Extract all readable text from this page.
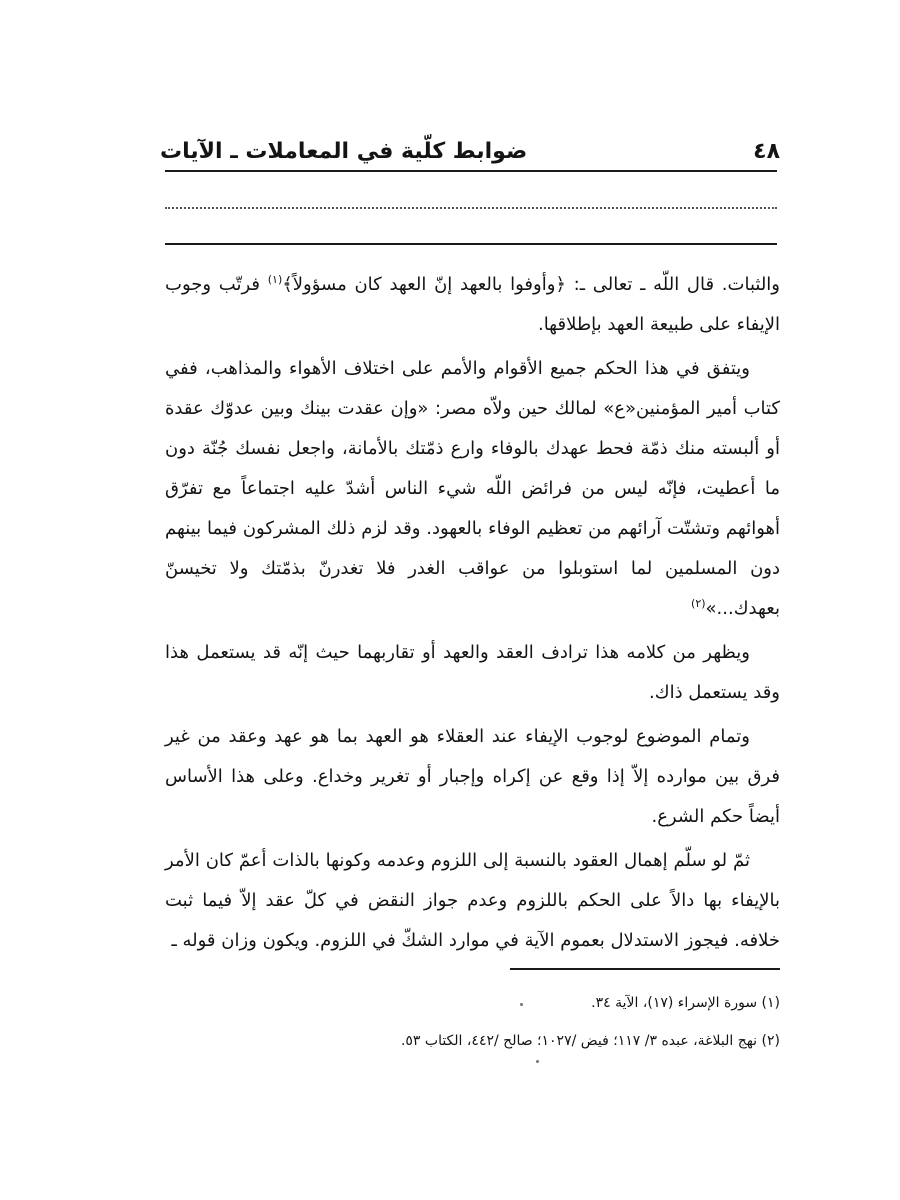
ضوابط كلّية في المعاملات ـ الآيات	٤٨

والثبات. قال اللّه ـ تعالى ـ: ﴿وأوفوا بالعهد إنّ العهد كان مسؤولاً﴾$^{(١)}$ فرتّب وجوب الإيفاء على طبيعة العهد بإطلاقها.

ويتفق في هذا الحكم جميع الأقوام والأمم على اختلاف الأهواء والمذاهب، ففي كتاب أمير المؤمنين«ع» لمالك حين ولاّه مصر: «وإن عقدت بينك وبين عدوّك عقدة أو ألبسته منك ذمّة فحط عهدك بالوفاء وارع ذمّتك بالأمانة، واجعل نفسك جُنّة دون ما أعطيت، فإنّه ليس من فرائض اللّه شيء الناس أشدّ عليه اجتماعاً مع تفرّق أهوائهم وتشتّت آرائهم من تعظيم الوفاء بالعهود. وقد لزم ذلك المشركون فيما بينهم دون المسلمين لما استوبلوا من عواقب الغدر فلا تغدرنّ بذمّتك ولا تخيسنّ بعهدك...»$^{(٢)}$

ويظهر من كلامه هذا ترادف العقد والعهد أو تقاربهما حيث إنّه قد يستعمل هذا وقد يستعمل ذاك.

وتمام الموضوع لوجوب الإيفاء عند العقلاء هو العهد بما هو عهد وعقد من غير فرق بين موارده إلاّ إذا وقع عن إكراه وإجبار أو تغرير وخداع. وعلى هذا الأساس أيضاً حكم الشرع.

ثمّ لو سلّم إهمال العقود بالنسبة إلى اللزوم وعدمه وكونها بالذات أعمّ كان الأمر بالإيفاء بها دالاً على الحكم باللزوم وعدم جواز النقض في كلّ عقد إلاّ فيما ثبت خلافه. فيجوز الاستدلال بعموم الآية في موارد الشكّ في اللزوم. ويكون وزان قوله ـ

(١) سورة الإسراء (١٧)، الآية ٣٤.
(٢) نهج البلاغة، عبده ٣/ ١١٧؛ فيض /١٠٢٧؛ صالح /٤٤٢، الكتاب ٥٣.
